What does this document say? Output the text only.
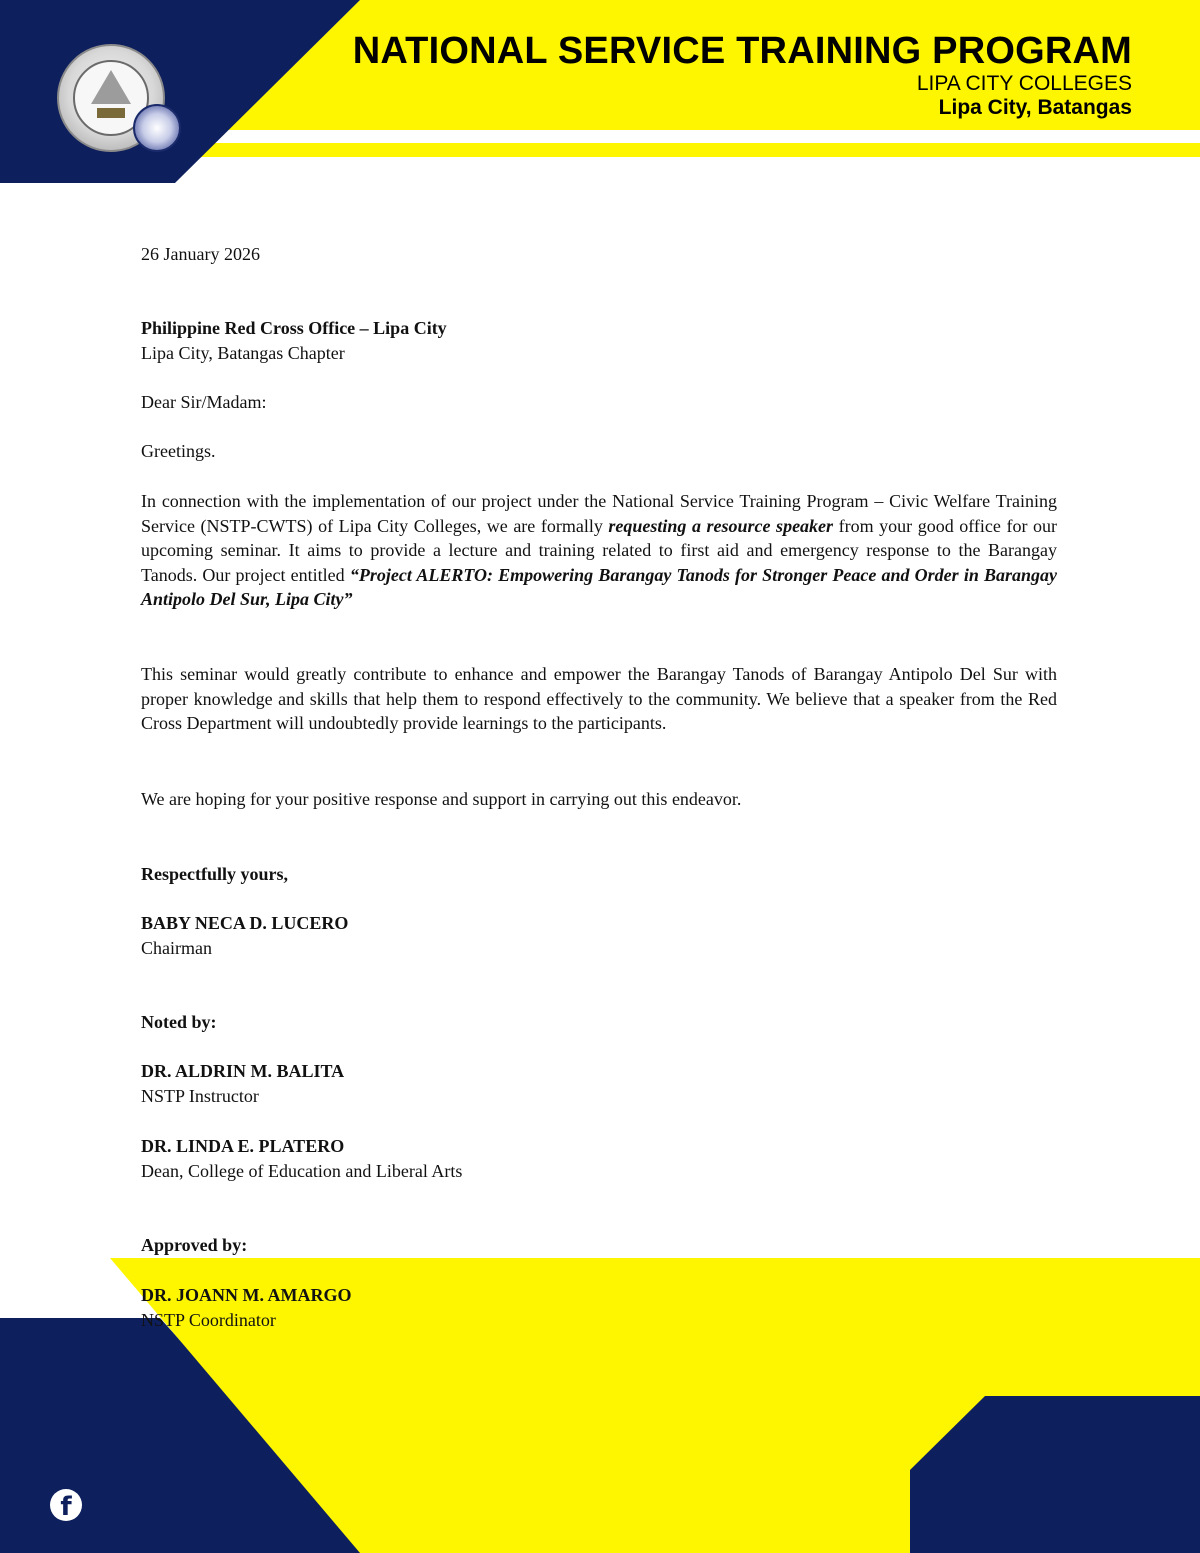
NATIONAL SERVICE TRAINING PROGRAM
LIPA CITY COLLEGES
Lipa City, Batangas
26 January 2026
Philippine Red Cross Office – Lipa City
Lipa City, Batangas Chapter
Dear Sir/Madam:
Greetings.
In connection with the implementation of our project under the National Service Training Program – Civic Welfare Training Service (NSTP-CWTS) of Lipa City Colleges, we are formally requesting a resource speaker from your good office for our upcoming seminar. It aims to provide a lecture and training related to first aid and emergency response to the Barangay Tanods. Our project entitled “Project ALERTO: Empowering Barangay Tanods for Stronger Peace and Order in Barangay Antipolo Del Sur, Lipa City”
This seminar would greatly contribute to enhance and empower the Barangay Tanods of Barangay Antipolo Del Sur with proper knowledge and skills that help them to respond effectively to the community. We believe that a speaker from the Red Cross Department will undoubtedly provide learnings to the participants.
We are hoping for your positive response and support in carrying out this endeavor.
Respectfully yours,
BABY NECA D. LUCERO
Chairman
Noted by:
DR. ALDRIN M. BALITA
NSTP Instructor
DR. LINDA E. PLATERO
Dean, College of Education and Liberal Arts
Approved by:
DR. JOANN M. AMARGO
NSTP Coordinator
f
